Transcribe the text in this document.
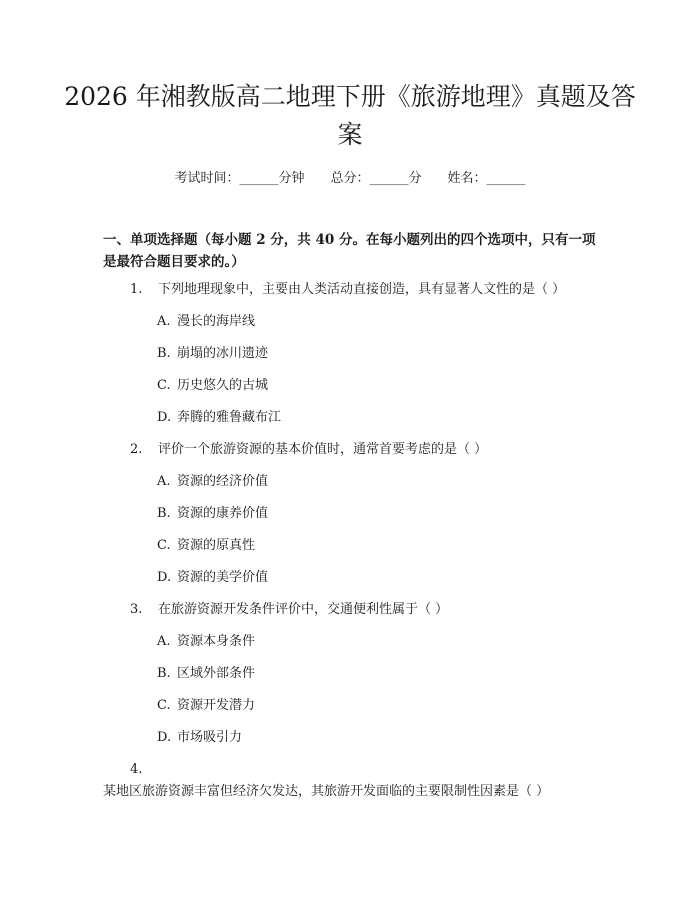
2026 年湘教版高二地理下册《旅游地理》真题及答案
考试时间：______分钟 总分：______分 姓名：______

一、单项选择题（每小题 2 分，共 40 分。在每小题列出的四个选项中，只有一项是最符合题目要求的。）

1. 下列地理现象中，主要由人类活动直接创造，具有显著人文性的是（ ）
A. 漫长的海岸线
B. 崩塌的冰川遗迹
C. 历史悠久的古城
D. 奔腾的雅鲁藏布江
2. 评价一个旅游资源的基本价值时，通常首要考虑的是（ ）
A. 资源的经济价值
B. 资源的康养价值
C. 资源的原真性
D. 资源的美学价值
3. 在旅游资源开发条件评价中，交通便利性属于（ ）
A. 资源本身条件
B. 区域外部条件
C. 资源开发潜力
D. 市场吸引力
4.某地区旅游资源丰富但经济欠发达，其旅游开发面临的主要限制性因素是（ ）
